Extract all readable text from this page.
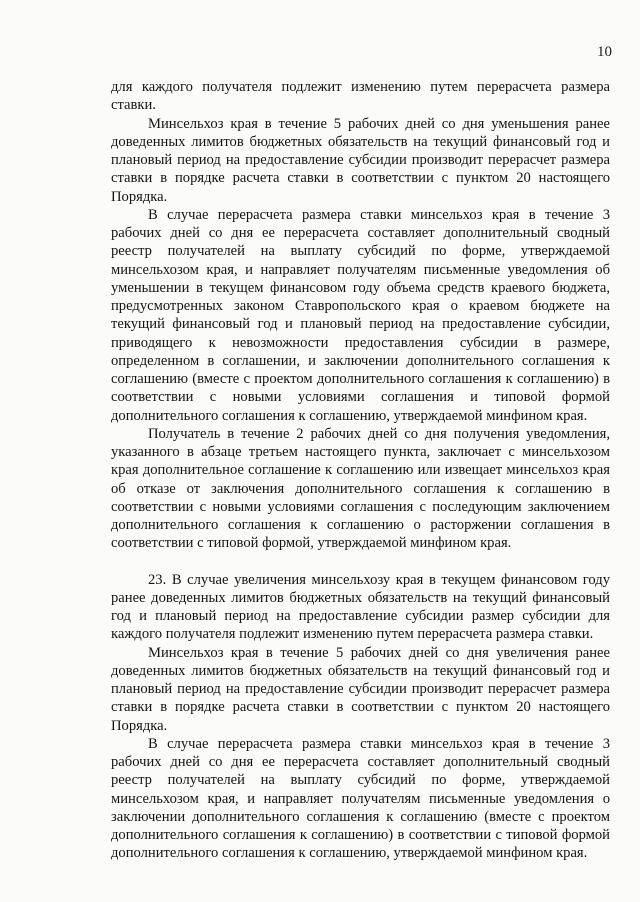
10

для каждого получателя подлежит изменению путем перерасчета размера ставки.

Минсельхоз края в течение 5 рабочих дней со дня уменьшения ранее доведенных лимитов бюджетных обязательств на текущий финансовый год и плановый период на предоставление субсидии производит перерасчет размера ставки в порядке расчета ставки в соответствии с пунктом 20 настоящего Порядка.

В случае перерасчета размера ставки минсельхоз края в течение 3 рабочих дней со дня ее перерасчета составляет дополнительный сводный реестр получателей на выплату субсидий по форме, утверждаемой минсельхозом края, и направляет получателям письменные уведомления об уменьшении в текущем финансовом году объема средств краевого бюджета, предусмотренных законом Ставропольского края о краевом бюджете на текущий финансовый год и плановый период на предоставление субсидии, приводящего к невозможности предоставления субсидии в размере, определенном в соглашении, и заключении дополнительного соглашения к соглашению (вместе с проектом дополнительного соглашения к соглашению) в соответствии с новыми условиями соглашения и типовой формой дополнительного соглашения к соглашению, утверждаемой минфином края.

Получатель в течение 2 рабочих дней со дня получения уведомления, указанного в абзаце третьем настоящего пункта, заключает с минсельхозом края дополнительное соглашение к соглашению или извещает минсельхоз края об отказе от заключения дополнительного соглашения к соглашению в соответствии с новыми условиями соглашения с последующим заключением дополнительного соглашения к соглашению о расторжении соглашения в соответствии с типовой формой, утверждаемой минфином края.

23. В случае увеличения минсельхозу края в текущем финансовом году ранее доведенных лимитов бюджетных обязательств на текущий финансовый год и плановый период на предоставление субсидии размер субсидии для каждого получателя подлежит изменению путем перерасчета размера ставки.

Минсельхоз края в течение 5 рабочих дней со дня увеличения ранее доведенных лимитов бюджетных обязательств на текущий финансовый год и плановый период на предоставление субсидии производит перерасчет размера ставки в порядке расчета ставки в соответствии с пунктом 20 настоящего Порядка.

В случае перерасчета размера ставки минсельхоз края в течение 3 рабочих дней со дня ее перерасчета составляет дополнительный сводный реестр получателей на выплату субсидий по форме, утверждаемой минсельхозом края, и направляет получателям письменные уведомления о заключении дополнительного соглашения к соглашению (вместе с проектом дополнительного соглашения к соглашению) в соответствии с типовой формой дополнительного соглашения к соглашению, утверждаемой минфином края.
